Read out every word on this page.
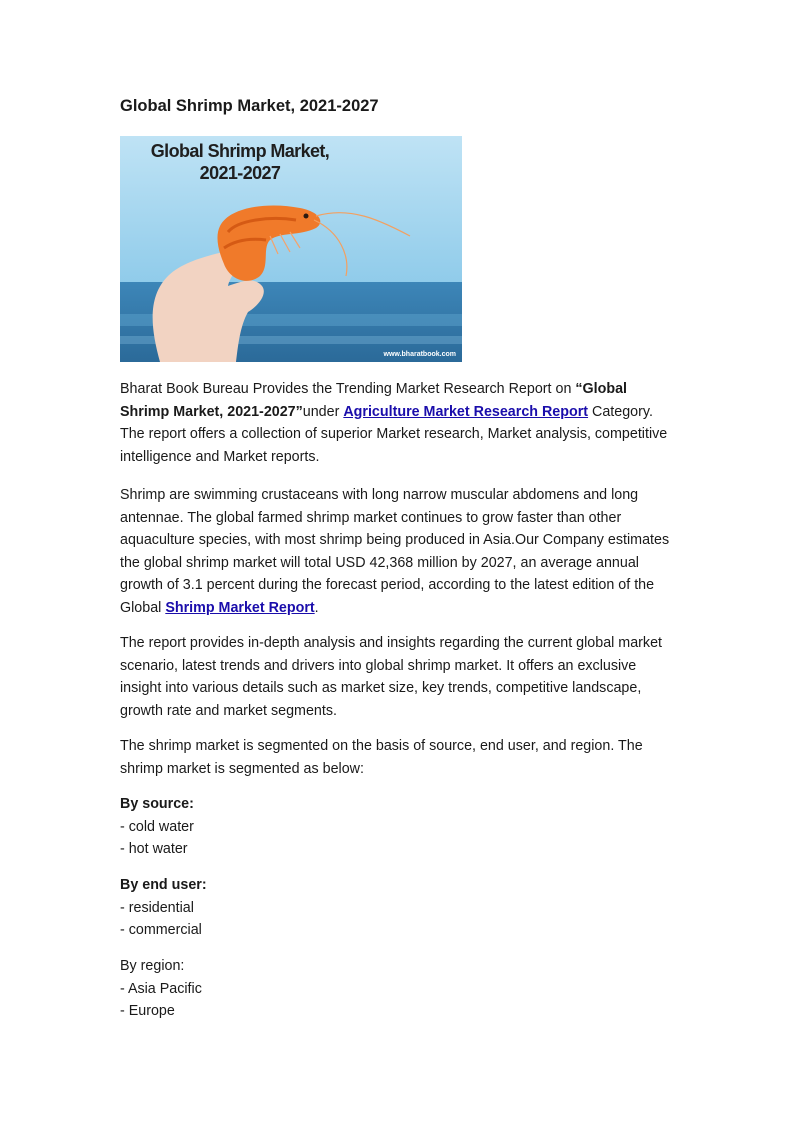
Global Shrimp Market, 2021-2027
Global Shrimp Market,
2021-2027
www.bharatbook.com

Bharat Book Bureau Provides the Trending Market Research Report on “Global Shrimp Market, 2021-2027”under Agriculture Market Research Report Category. The report offers a collection of superior Market research, Market analysis, competitive intelligence and Market reports.

Shrimp are swimming crustaceans with long narrow muscular abdomens and long antennae. The global farmed shrimp market continues to grow faster than other aquaculture species, with most shrimp being produced in Asia.Our Company estimates the global shrimp market will total USD 42,368 million by 2027, an average annual growth of 3.1 percent during the forecast period, according to the latest edition of the Global Shrimp Market Report.

The report provides in-depth analysis and insights regarding the current global market scenario, latest trends and drivers into global shrimp market. It offers an exclusive insight into various details such as market size, key trends, competitive landscape, growth rate and market segments.

The shrimp market is segmented on the basis of source, end user, and region. The shrimp market is segmented as below:

By source:
- cold water
- hot water
By end user:
- residential
- commercial
By region:
- Asia Pacific
- Europe
